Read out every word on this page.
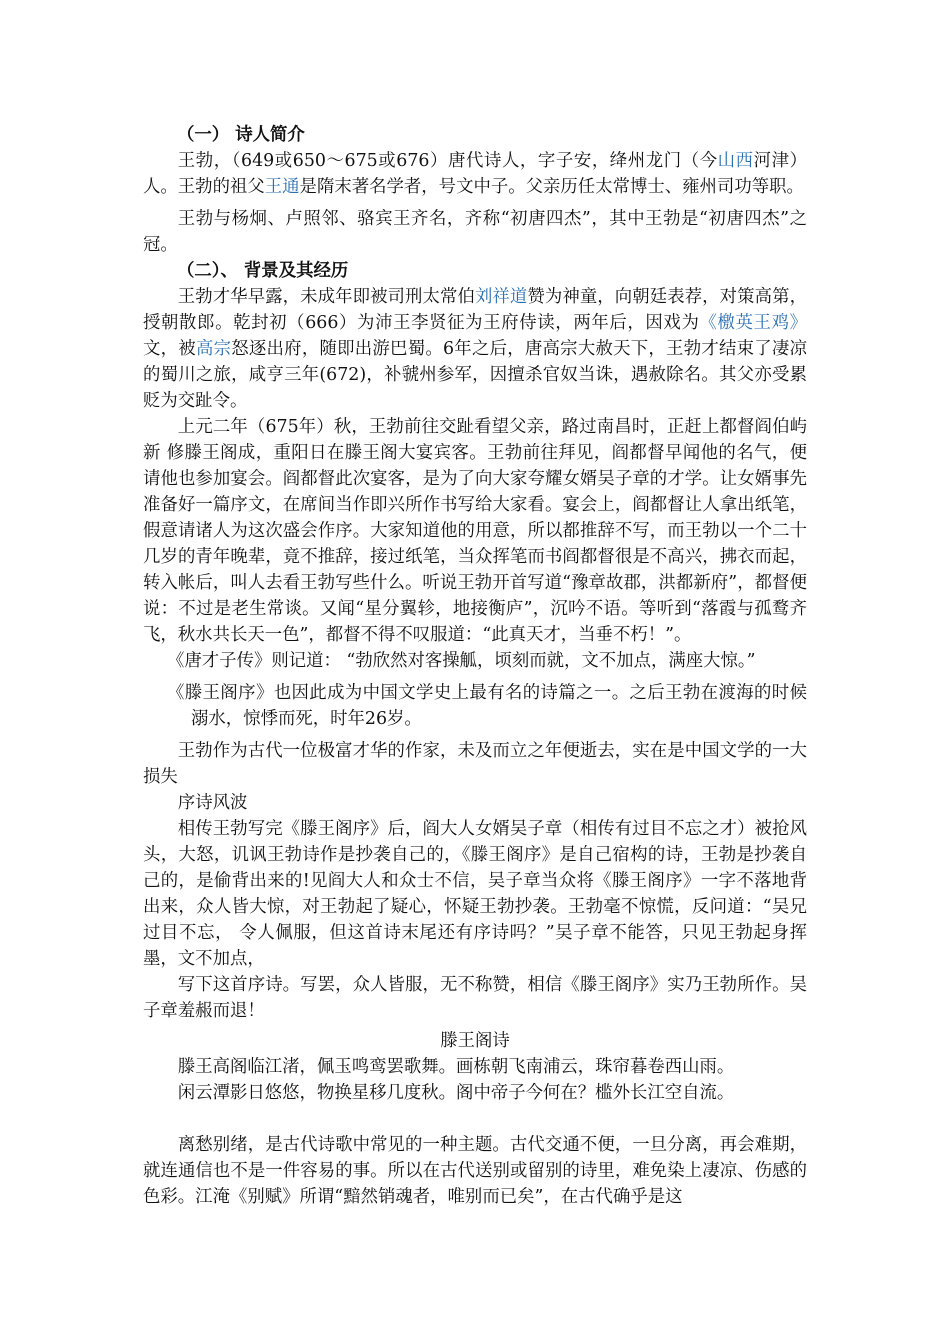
（一） 诗人简介

王勃，（649或650～675或676）唐代诗人，字子安，绛州龙门（今山西河津）人。王勃的祖父王通是隋末著名学者，号文中子。父亲历任太常博士、雍州司功等职。

王勃与杨炯、卢照邻、骆宾王齐名，齐称“初唐四杰”，其中王勃是“初唐四杰”之冠。

（二）、 背景及其经历

王勃才华早露，未成年即被司刑太常伯刘祥道赞为神童，向朝廷表荐，对策高第，授朝散郎。乾封初（666）为沛王李贤征为王府侍读，两年后，因戏为《檄英王鸡》文，被高宗怒逐出府，随即出游巴蜀。6年之后，唐高宗大赦天下，王勃才结束了凄凉的蜀川之旅，咸亨三年(672)，补虢州参军，因擅杀官奴当诛，遇赦除名。其父亦受累贬为交趾令。

上元二年（675年）秋，王勃前往交趾看望父亲，路过南昌时，正赶上都督阎伯屿新 修滕王阁成，重阳日在滕王阁大宴宾客。王勃前往拜见，阎都督早闻他的名气，便请他也参加宴会。阎都督此次宴客，是为了向大家夸耀女婿吴子章的才学。让女婿事先准备好一篇序文，在席间当作即兴所作书写给大家看。宴会上，阎都督让人拿出纸笔，假意请诸人为这次盛会作序。大家知道他的用意，所以都推辞不写，而王勃以一个二十几岁的青年晚辈，竟不推辞，接过纸笔，当众挥笔而书阎都督很是不高兴，拂衣而起，转入帐后，叫人去看王勃写些什么。听说王勃开首写道“豫章故郡，洪都新府”，都督便说：不过是老生常谈。又闻“星分翼轸，地接衡庐”，沉吟不语。等听到“落霞与孤鹜齐飞，秋水共长天一色”，都督不得不叹服道：“此真天才，当垂不朽！”。

《唐才子传》则记道： “勃欣然对客操觚，顷刻而就，文不加点，满座大惊。”

《滕王阁序》也因此成为中国文学史上最有名的诗篇之一。之后王勃在渡海的时候溺水，惊悸而死，时年26岁。

王勃作为古代一位极富才华的作家，未及而立之年便逝去，实在是中国文学的一大损失

序诗风波

相传王勃写完《滕王阁序》后，阎大人女婿吴子章（相传有过目不忘之才）被抢风头，大怒，讥讽王勃诗作是抄袭自己的，《滕王阁序》是自己宿构的诗，王勃是抄袭自己的，是偷背出来的!见阎大人和众士不信，吴子章当众将《滕王阁序》一字不落地背出来，众人皆大惊，对王勃起了疑心，怀疑王勃抄袭。王勃毫不惊慌，反问道：“吴兄过目不忘， 令人佩服，但这首诗末尾还有序诗吗？”吴子章不能答，只见王勃起身挥墨，文不加点，

写下这首序诗。写罢，众人皆服，无不称赞，相信《滕王阁序》实乃王勃所作。吴子章羞赧而退！

滕王阁诗

滕王高阁临江渚，佩玉鸣鸾罢歌舞。画栋朝飞南浦云，珠帘暮卷西山雨。

闲云潭影日悠悠，物换星移几度秋。阁中帝子今何在？槛外长江空自流。

离愁别绪，是古代诗歌中常见的一种主题。古代交通不便，一旦分离，再会难期，就连通信也不是一件容易的事。所以在古代送别或留别的诗里，难免染上凄凉、伤感的色彩。江淹《别赋》所谓“黯然销魂者，唯别而已矣”，在古代确乎是这
